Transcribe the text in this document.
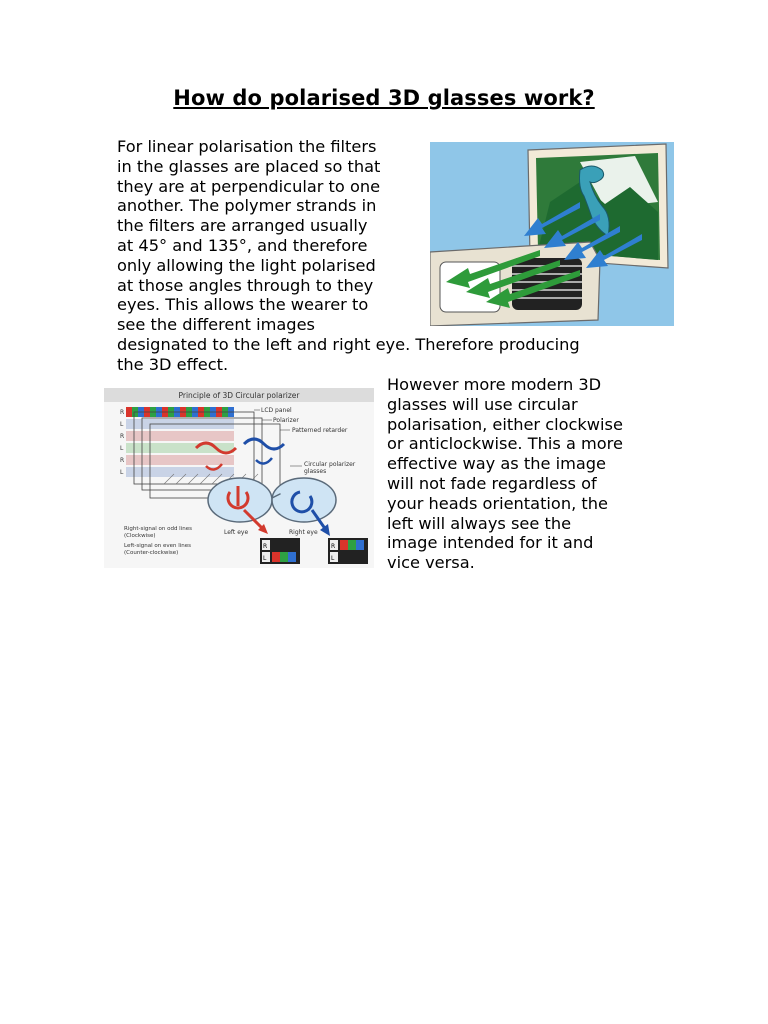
How do polarised 3D glasses work?
For linear polarisation the filters
in the glasses are placed so that
they are at perpendicular to one
another. The polymer strands in
the filters are arranged usually
at 45° and 135°, and therefore
only allowing the light polarised
at those angles through to they
eyes. This allows the wearer to
see the different images
designated to the left and right eye. Therefore producing
the 3D effect.
Principle of 3D Circular polarizer
R
L
R
L
R
L
LCD panel
Polarizer
Patterned retarder
Circular polarizer
glasses
Left eye	Right eye
Right-signal on odd lines
(Clockwise)
Left-signal on even lines
(Counter-clockwise)
R
L
R
L
However more modern 3D
glasses will use circular
polarisation, either clockwise
or anticlockwise. This a more
effective way as the image
will not fade regardless of
your heads orientation, the
left will always see the
image intended for it and
vice versa.
